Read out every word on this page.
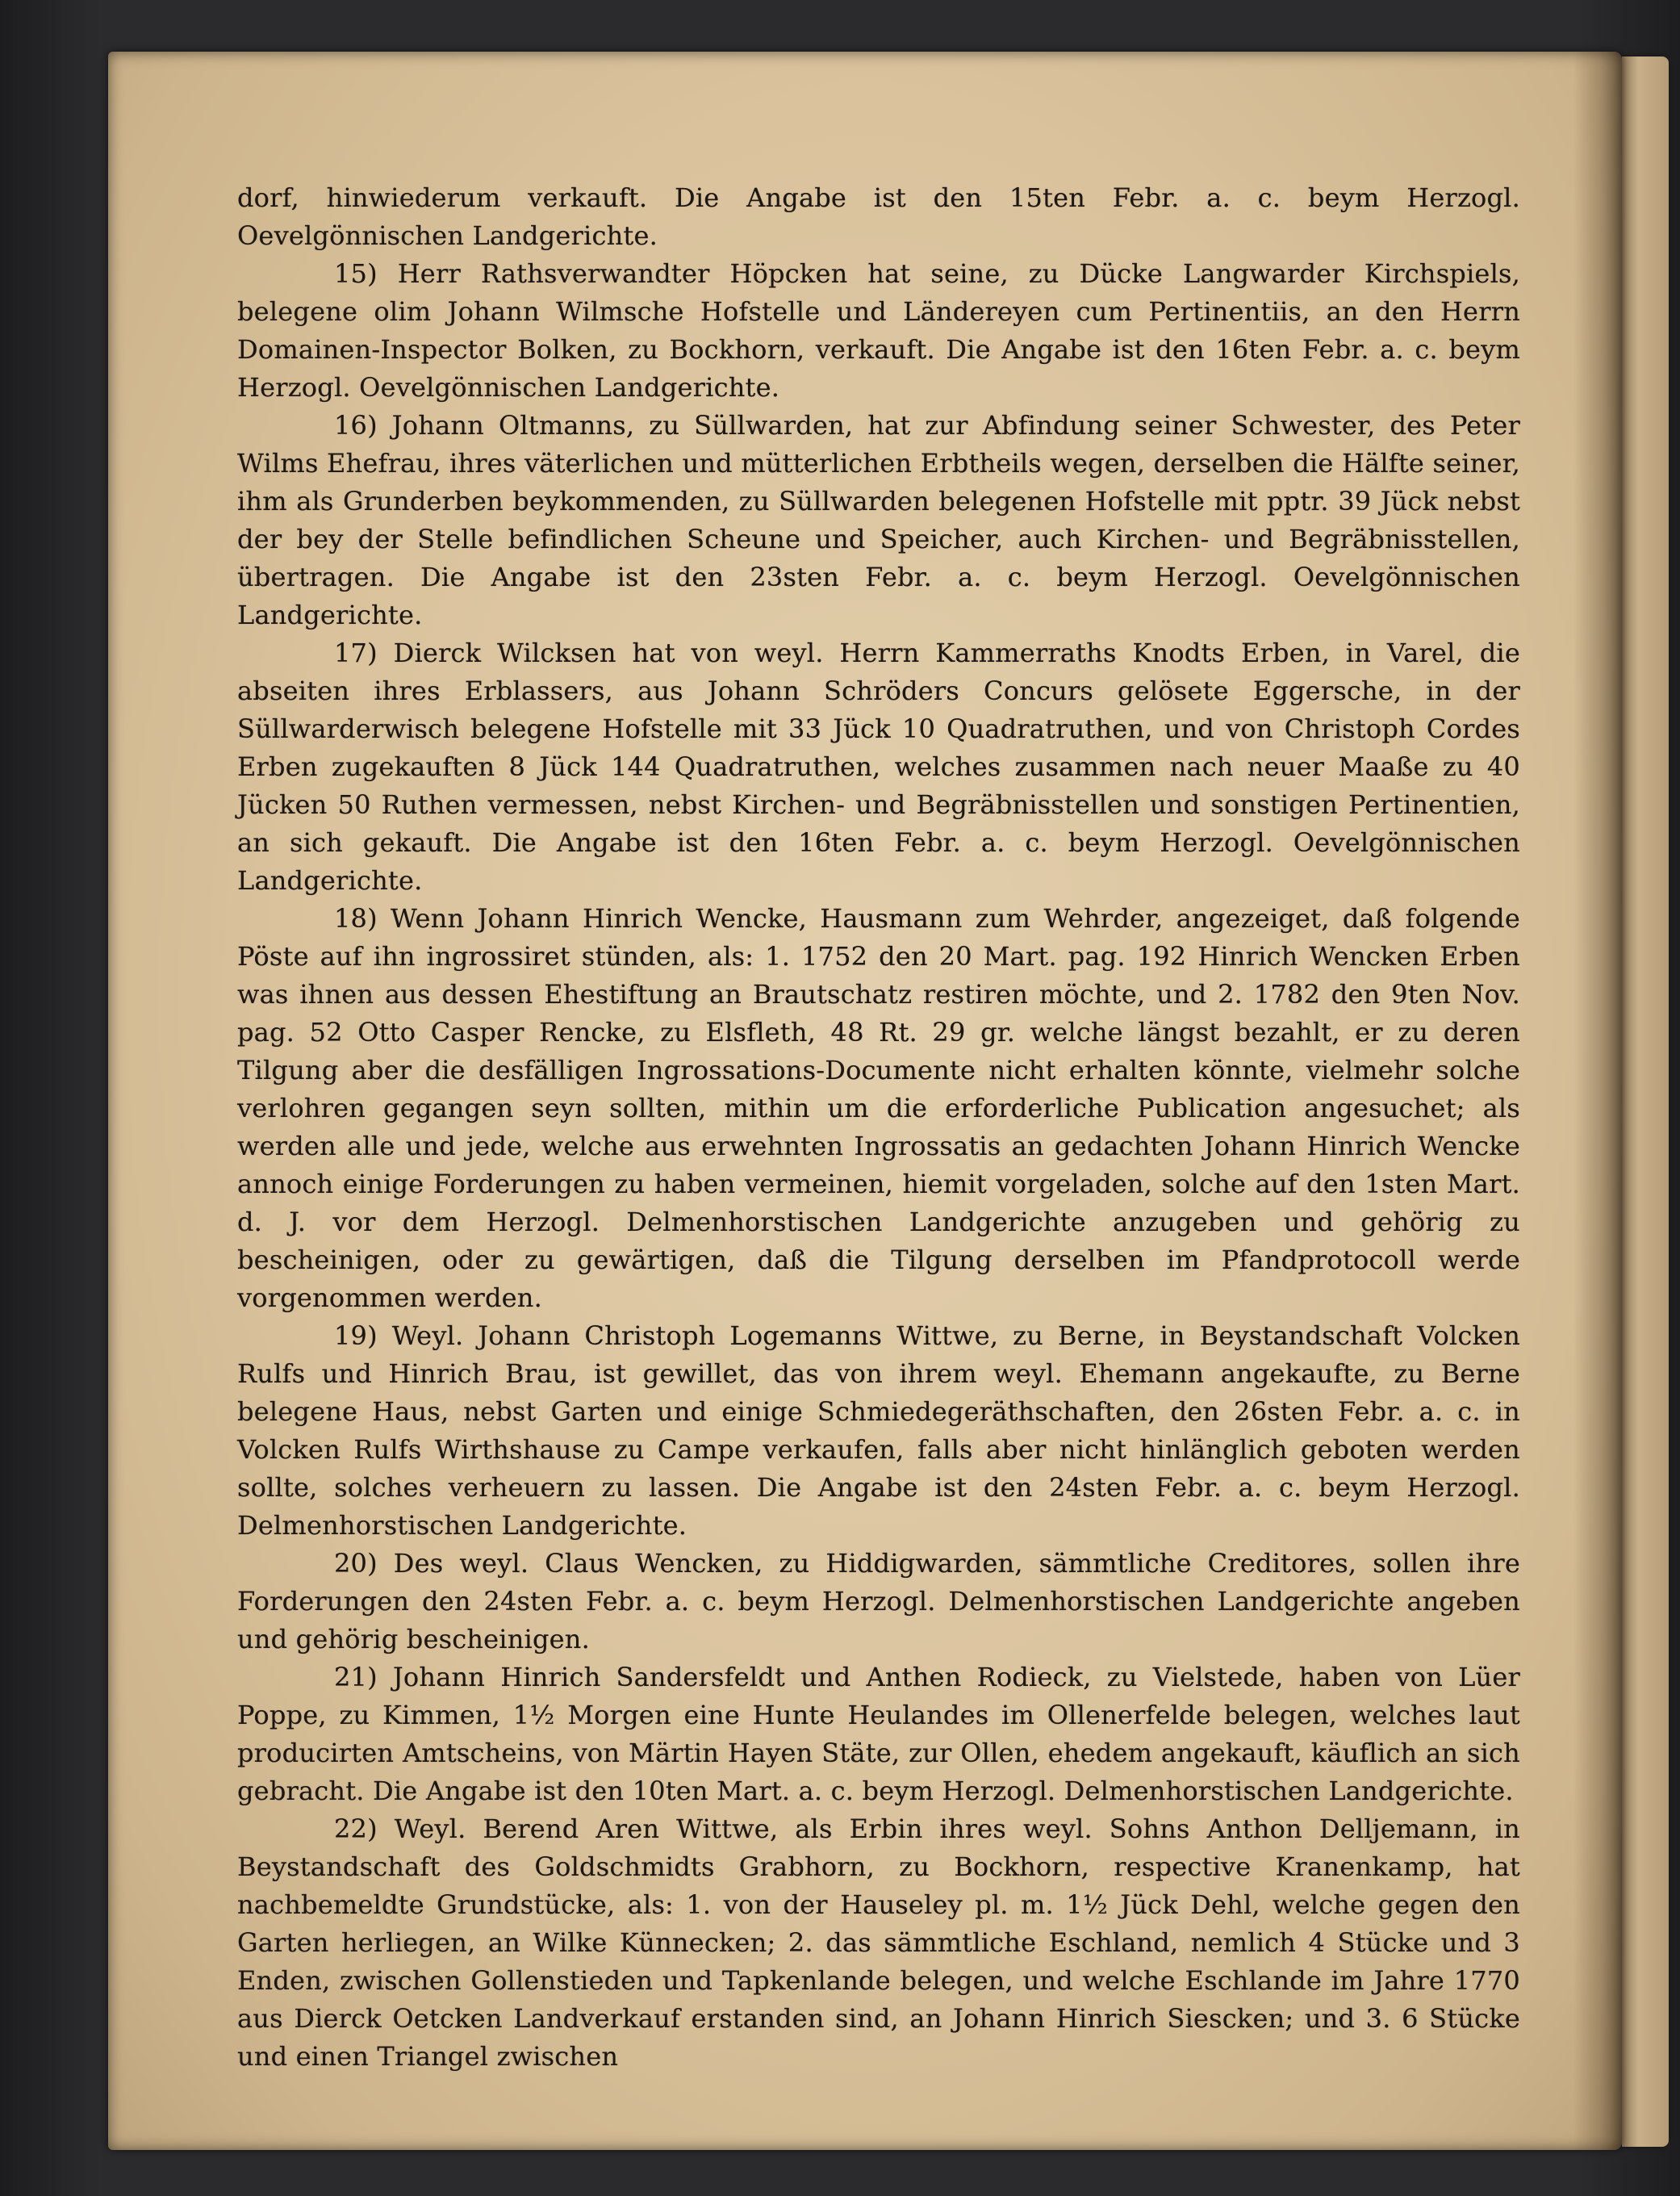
dorf, hinwiederum verkauft. Die Angabe ist den 15ten Febr. a. c. beym Herzogl. Oevelgönnischen Landgerichte.

15) Herr Rathsverwandter Höpcken hat seine, zu Dücke Langwarder Kirchspiels, belegene olim Johann Wilmsche Hofstelle und Ländereyen cum Pertinentiis, an den Herrn Domainen-Inspector Bolken, zu Bockhorn, verkauft. Die Angabe ist den 16ten Febr. a. c. beym Herzogl. Oevelgönnischen Landgerichte.

16) Johann Oltmanns, zu Süllwarden, hat zur Abfindung seiner Schwester, des Peter Wilms Ehefrau, ihres väterlichen und mütterlichen Erbtheils wegen, derselben die Hälfte seiner, ihm als Grunderben beykommenden, zu Süllwarden belegenen Hofstelle mit pptr. 39 Jück nebst der bey der Stelle befindlichen Scheune und Speicher, auch Kirchen- und Begräbnisstellen, übertragen. Die Angabe ist den 23sten Febr. a. c. beym Herzogl. Oevelgönnischen Landgerichte.

17) Dierck Wilcksen hat von weyl. Herrn Kammerraths Knodts Erben, in Varel, die abseiten ihres Erblassers, aus Johann Schröders Concurs gelösete Eggersche, in der Süllwarderwisch belegene Hofstelle mit 33 Jück 10 Quadratruthen, und von Christoph Cordes Erben zugekauften 8 Jück 144 Quadratruthen, welches zusammen nach neuer Maaße zu 40 Jücken 50 Ruthen vermessen, nebst Kirchen- und Begräbnisstellen und sonstigen Pertinentien, an sich gekauft. Die Angabe ist den 16ten Febr. a. c. beym Herzogl. Oevelgönnischen Landgerichte.

18) Wenn Johann Hinrich Wencke, Hausmann zum Wehrder, angezeiget, daß folgende Pöste auf ihn ingrossiret stünden, als: 1. 1752 den 20 Mart. pag. 192 Hinrich Wencken Erben was ihnen aus dessen Ehestiftung an Brautschatz restiren möchte, und 2. 1782 den 9ten Nov. pag. 52 Otto Casper Rencke, zu Elsfleth, 48 Rt. 29 gr. welche längst bezahlt, er zu deren Tilgung aber die desfälligen Ingrossations-Documente nicht erhalten könnte, vielmehr solche verlohren gegangen seyn sollten, mithin um die erforderliche Publication angesuchet; als werden alle und jede, welche aus erwehnten Ingrossatis an gedachten Johann Hinrich Wencke annoch einige Forderungen zu haben vermeinen, hiemit vorgeladen, solche auf den 1sten Mart. d. J. vor dem Herzogl. Delmenhorstischen Landgerichte anzugeben und gehörig zu bescheinigen, oder zu gewärtigen, daß die Tilgung derselben im Pfandprotocoll werde vorgenommen werden.

19) Weyl. Johann Christoph Logemanns Wittwe, zu Berne, in Beystandschaft Volcken Rulfs und Hinrich Brau, ist gewillet, das von ihrem weyl. Ehemann angekaufte, zu Berne belegene Haus, nebst Garten und einige Schmiedegeräthschaften, den 26sten Febr. a. c. in Volcken Rulfs Wirthshause zu Campe verkaufen, falls aber nicht hinlänglich geboten werden sollte, solches verheuern zu lassen. Die Angabe ist den 24sten Febr. a. c. beym Herzogl. Delmenhorstischen Landgerichte.

20) Des weyl. Claus Wencken, zu Hiddigwarden, sämmtliche Creditores, sollen ihre Forderungen den 24sten Febr. a. c. beym Herzogl. Delmenhorstischen Landgerichte angeben und gehörig bescheinigen.

21) Johann Hinrich Sandersfeldt und Anthen Rodieck, zu Vielstede, haben von Lüer Poppe, zu Kimmen, 1½ Morgen eine Hunte Heulandes im Ollenerfelde belegen, welches laut producirten Amtscheins, von Märtin Hayen Stäte, zur Ollen, ehedem angekauft, käuflich an sich gebracht. Die Angabe ist den 10ten Mart. a. c. beym Herzogl. Delmenhorstischen Landgerichte.

22) Weyl. Berend Aren Wittwe, als Erbin ihres weyl. Sohns Anthon Delljemann, in Beystandschaft des Goldschmidts Grabhorn, zu Bockhorn, respective Kranenkamp, hat nachbemeldte Grundstücke, als: 1. von der Hauseley pl. m. 1½ Jück Dehl, welche gegen den Garten herliegen, an Wilke Künnecken; 2. das sämmtliche Eschland, nemlich 4 Stücke und 3 Enden, zwischen Gollenstieden und Tapkenlande belegen, und welche Eschlande im Jahre 1770 aus Dierck Oetcken Landverkauf erstanden sind, an Johann Hinrich Siescken; und 3. 6 Stücke und einen Triangel zwischen
